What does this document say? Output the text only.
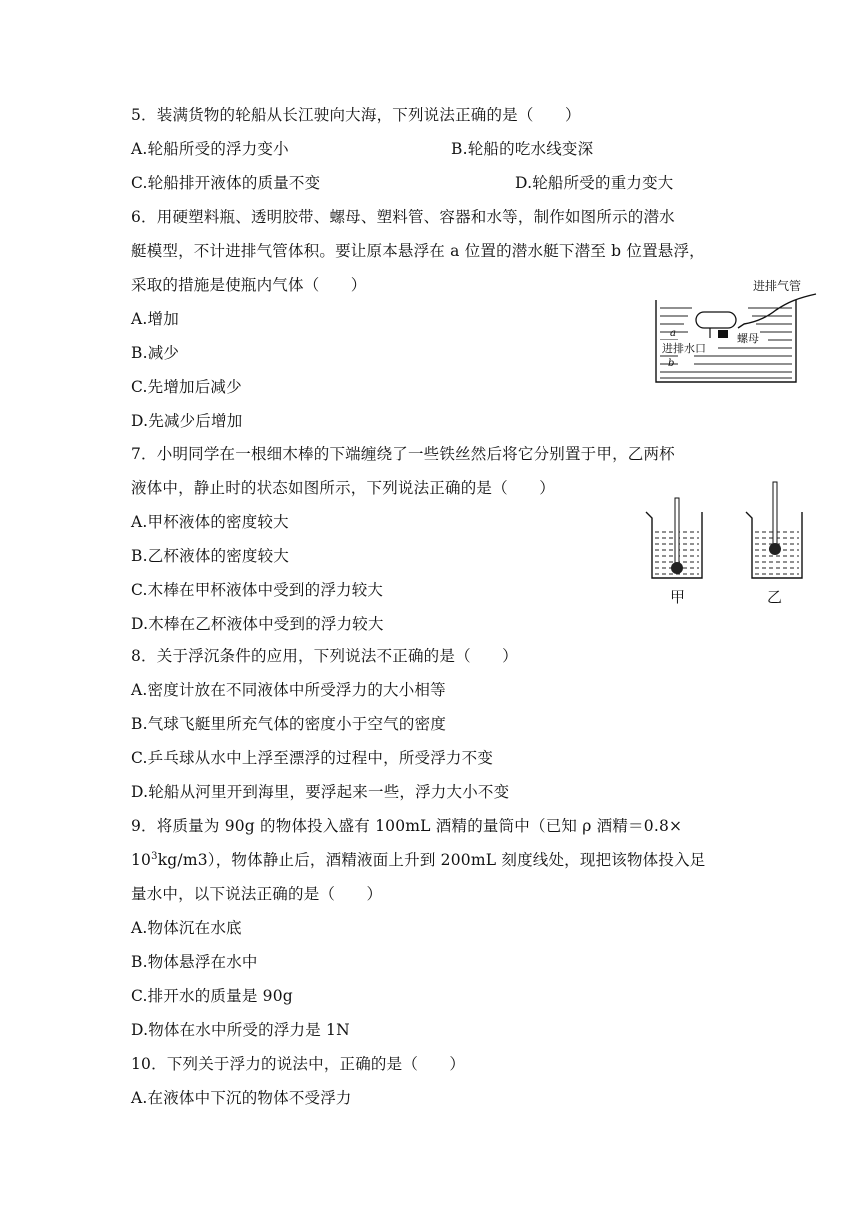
5．装满货物的轮船从长江驶向大海，下列说法正确的是（　　）
A.轮船所受的浮力变小	B.轮船的吃水线变深
C.轮船排开液体的质量不变	D.轮船所受的重力变大
6．用硬塑料瓶、透明胶带、螺母、塑料管、容器和水等，制作如图所示的潜水
艇模型，不计进排气管体积。要让原本悬浮在 a 位置的潜水艇下潜至 b 位置悬浮，
采取的措施是使瓶内气体（　　）
A.增加
B.减少
C.先增加后减少
D.先减少后增加
进排气管
螺母
进排水口
a
b
7．小明同学在一根细木棒的下端缠绕了一些铁丝然后将它分别置于甲，乙两杯
液体中，静止时的状态如图所示，下列说法正确的是（　　）
A.甲杯液体的密度较大
B.乙杯液体的密度较大
C.木棒在甲杯液体中受到的浮力较大
D.木棒在乙杯液体中受到的浮力较大
甲	乙
8．关于浮沉条件的应用，下列说法不正确的是（　　）
A.密度计放在不同液体中所受浮力的大小相等
B.气球飞艇里所充气体的密度小于空气的密度
C.乒乓球从水中上浮至漂浮的过程中，所受浮力不变
D.轮船从河里开到海里，要浮起来一些，浮力大小不变
9．将质量为 90g 的物体投入盛有 100mL 酒精的量筒中（已知 ρ 酒精＝0.8×
$10^3kg/m3$），物体静止后，酒精液面上升到 200mL 刻度线处，现把该物体投入足
量水中，以下说法正确的是（　　）
A.物体沉在水底
B.物体悬浮在水中
C.排开水的质量是 90g
D.物体在水中所受的浮力是 1N
10．下列关于浮力的说法中，正确的是（　　）
A.在液体中下沉的物体不受浮力
